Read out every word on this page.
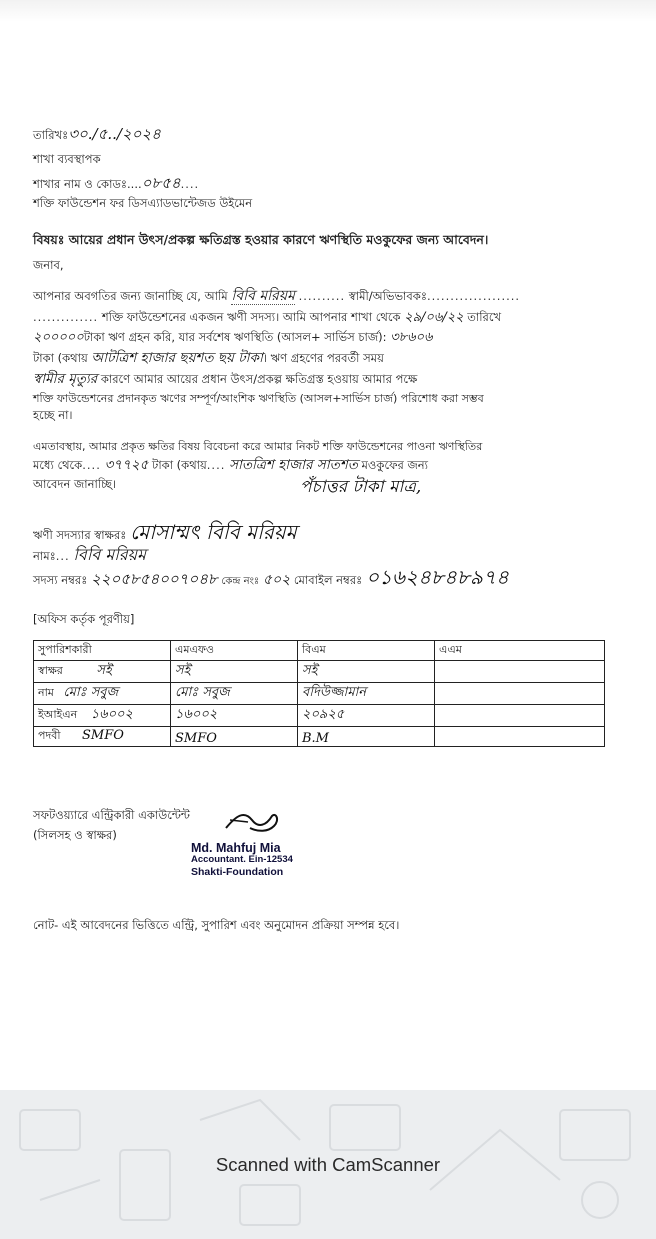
তারিখঃ৩০./৫../২০২৪
শাখা ব্যবস্থাপক
শাখার নাম ও কোডঃ....০৮৫৪....
শক্তি ফাউন্ডেশন ফর ডিসএ্যাডভান্টেজড উইমেন
বিষয়ঃ আয়ের প্রধান উৎস/প্রকল্প ক্ষতিগ্রস্ত হওয়ার কারণে ঋণস্থিতি মওকুফের জন্য আবেদন।
জনাব,
আপনার অবগতির জন্য জানাচ্ছি যে, আমি বিবি মরিয়ম .......... স্বামী/অভিভাবকঃ....................
.............. শক্তি ফাউন্ডেশনের একজন ঋণী সদস্য। আমি আপনার শাখা থেকে ২৯/০৬/২২ তারিখে
২০০০০০টাকা ঋণ গ্রহন করি, যার সর্বশেষ ঋণস্থিতি (আসল+ সার্ভিস চার্জ): ৩৮৬০৬
টাকা (কথায় আটত্রিশ হাজার ছয়শত ছয় টাকা। ঋণ গ্রহণের পরবর্তী সময়
স্বামীর মৃত্যুর কারণে আমার আয়ের প্রধান উৎস/প্রকল্প ক্ষতিগ্রস্ত হওয়ায় আমার পক্ষে
শক্তি ফাউন্ডেশনের প্রদানকৃত ঋণের সম্পূর্ণ/আংশিক ঋণস্থিতি (আসল+সার্ভিস চার্জ) পরিশোধ করা সম্ভব
হচ্ছে না।
এমতাবস্থায়, আমার প্রকৃত ক্ষতির বিষয় বিবেচনা করে আমার নিকট শক্তি ফাউন্ডেশনের পাওনা ঋণস্থিতির
মধ্যে থেকে.... ৩৭৭২৫ টাকা (কথায়.... সাতত্রিশ হাজার সাতশত মওকুফের জন্য
আবেদন জানাচ্ছি।	পঁচাত্তর টাকা মাত্র,
ঋণী সদস্যার স্বাক্ষরঃ মোসাম্মৎ বিবি মরিয়ম
নামঃ... বিবি মরিয়ম
সদস্য নম্বরঃ ২২০৫৮৫৪০০৭০৪৮ কেন্দ্র নংঃ ৫০২ মোবাইল নম্বরঃ ০১৬২৪৮৪৮৯৭৪
[অফিস কর্তৃক পূরণীয়]
সুপারিশকারী	এমএফও	বিএম	এএম
স্বাক্ষর সই	সই	সই	
নাম মোঃ সবুজ	মোঃ সবুজ	বদিউজ্জামান	
ইআইএন ১৬০০২	১৬০০২	২০৯২৫	
পদবী SMFO	SMFO	B.M	
সফটওয়্যারে এন্ট্রিকারী একাউন্টেন্ট
(সিলসহ ও স্বাক্ষর)
Md. Mahfuj Mia
Accountant. Ein-12534
Shakti-Foundation
নোট- এই আবেদনের ভিত্তিতে এন্ট্রি, সুপারিশ এবং অনুমোদন প্রক্রিয়া সম্পন্ন হবে।
Scanned with CamScanner
